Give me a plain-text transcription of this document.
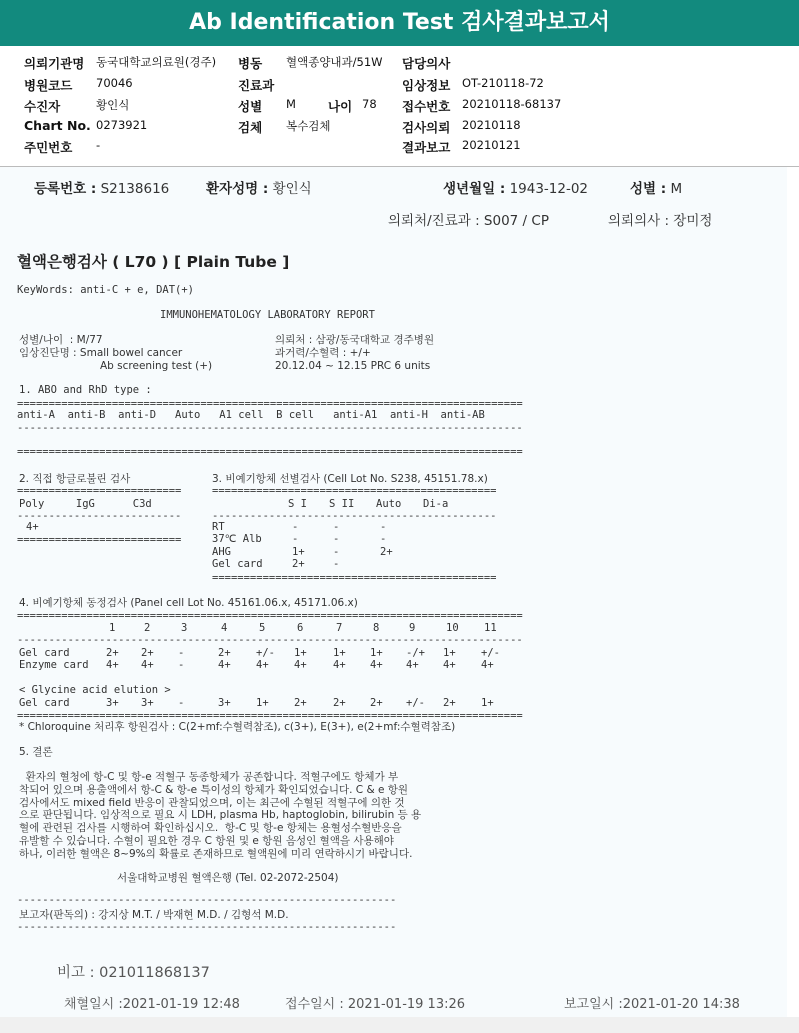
Ab Identification Test 검사결과보고서
의뢰기관명 동국대학교의료원(경주) 병동 혈액종양내과/51W 담당의사
병원코드 70046	진료과	임상정보 OT-210118-72
수진자	황인식	성별 M	나이 78 접수번호 20210118-68137
Chart No. 0273921	검체 복수검체	검사의뢰 20210118
주민번호 -	결과보고 20210121
등록번호 : S2138616	환자성명 : 황인식	생년월일 : 1943-12-02	성별 : M
의뢰처/진료과 : S007 / CP	의뢰의사 : 장미정
혈액은행검사 ( L70 ) [ Plain Tube ]
KeyWords: anti-C + e, DAT(+)
IMMUNOHEMATOLOGY LABORATORY REPORT
성별/나이  : M/77
임상진단명 : Small bowel cancer
Ab screening test (+)
의뢰처 : 삼광/동국대학교 경주병원
과거력/수혈력 : +/+
20.12.04 ~ 12.15 PRC 6 units
1. ABO and RhD type :
================================================================================
anti-A  anti-B  anti-D   Auto   A1 cell  B cell   anti-A1  anti-H  anti-AB
--------------------------------------------------------------------------------
================================================================================
2. 직접 항글로불린 검사
==========================
Poly     IgG      C3d
--------------------------
4+
==========================
3. 비예기항체 선별검사 (Cell Lot No. S238, 45151.78.x)
=============================================
S I S II Auto Di-a
---------------------------------------------
RT	-	-	-
37℃ Alb	-	-	-
AHG	1+	-	2+
Gel card	2+	-
=============================================
4. 비예기항체 동정검사 (Panel cell Lot No. 45161.06.x, 45171.06.x)
================================================================================
1	2	3	4	5	6	7	8	9	10 11
--------------------------------------------------------------------------------
Gel card	2+ 2+ -	2+ +/- 1+	1+ 1+ -/+ 1+ +/-
Enzyme card 4+ 4+ -	4+ 4+ 4+	4+ 4+ 4+ 4+ 4+
< Glycine acid elution >
Gel card	3+ 3+ -	3+ 1+ 2+	2+ 2+ +/- 2+ 1+
================================================================================
* Chloroquine 처리후 항원검사 : C(2+mf:수혈력참조), c(3+), E(3+), e(2+mf:수혈력참조)
5. 결론
환자의 혈청에 항-C 및 항-e 적혈구 동종항체가 공존합니다. 적혈구에도 항체가 부
착되어 있으며 용출액에서 항-C & 항-e 특이성의 항체가 확인되었습니다. C & e 항원
검사에서도 mixed field 반응이 관찰되었으며, 이는 최근에 수혈된 적혈구에 의한 것
으로 판단됩니다. 임상적으로 필요 시 LDH, plasma Hb, haptoglobin, bilirubin 등 용
혈에 관련된 검사를 시행하여 확인하십시오.  항-C 및 항-e 항체는 용혈성수혈반응을
유발할 수 있습니다. 수혈이 필요한 경우 C 항원 및 e 항원 음성인 혈액을 사용해야
하나, 이러한 혈액은 8~9%의 확률로 존재하므로 혈액원에 미리 연락하시기 바랍니다.
서울대학교병원 혈액은행 (Tel. 02-2072-2504)
------------------------------------------------------------
보고자(판독의) : 강지상 M.T. / 박재현 M.D. / 김형석 M.D.
------------------------------------------------------------
비고 : 021011868137
채혈일시 :2021-01-19 12:48	접수일시 : 2021-01-19 13:26	보고일시 :2021-01-20 14:38
